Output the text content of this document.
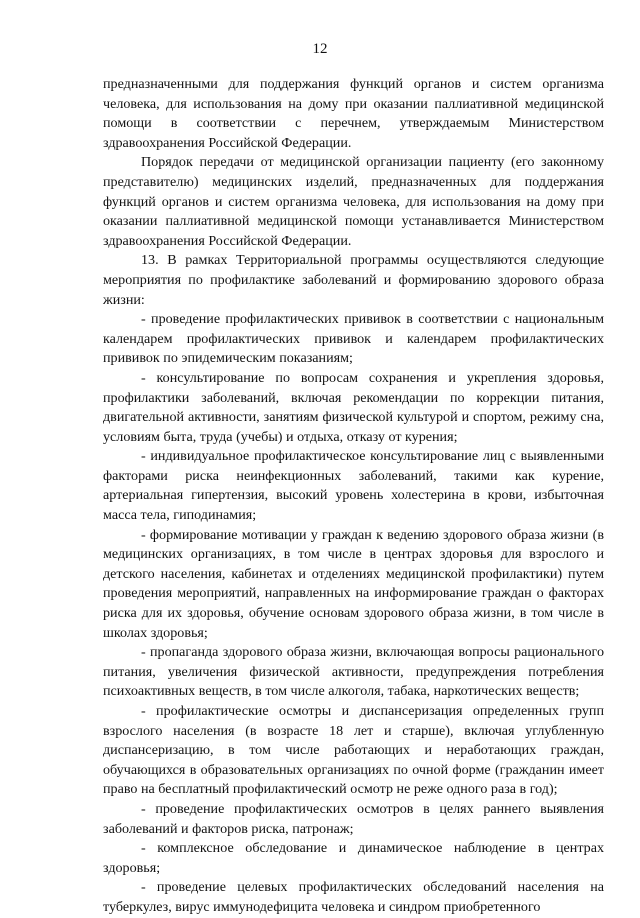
12

предназначенными для поддержания функций органов и систем организма человека, для использования на дому при оказании паллиативной медицинской помощи в соответствии с перечнем, утверждаемым Министерством здравоохранения Российской Федерации.

Порядок передачи от медицинской организации пациенту (его законному представителю) медицинских изделий, предназначенных для поддержания функций органов и систем организма человека, для использования на дому при оказании паллиативной медицинской помощи устанавливается Министерством здравоохранения Российской Федерации.

13. В рамках Территориальной программы осуществляются следующие мероприятия по профилактике заболеваний и формированию здорового образа жизни:

- проведение профилактических прививок в соответствии с национальным календарем профилактических прививок и календарем профилактических прививок по эпидемическим показаниям;

- консультирование по вопросам сохранения и укрепления здоровья, профилактики заболеваний, включая рекомендации по коррекции питания, двигательной активности, занятиям физической культурой и спортом, режиму сна, условиям быта, труда (учебы) и отдыха, отказу от курения;

- индивидуальное профилактическое консультирование лиц с выявленными факторами риска неинфекционных заболеваний, такими как курение, артериальная гипертензия, высокий уровень холестерина в крови, избыточная масса тела, гиподинамия;

- формирование мотивации у граждан к ведению здорового образа жизни (в медицинских организациях, в том числе в центрах здоровья для взрослого и детского населения, кабинетах и отделениях медицинской профилактики) путем проведения мероприятий, направленных на информирование граждан о факторах риска для их здоровья, обучение основам здорового образа жизни, в том числе в школах здоровья;

- пропаганда здорового образа жизни, включающая вопросы рационального питания, увеличения физической активности, предупреждения потребления психоактивных веществ, в том числе алкоголя, табака, наркотических веществ;

- профилактические осмотры и диспансеризация определенных групп взрослого населения (в возрасте 18 лет и старше), включая углубленную диспансеризацию, в том числе работающих и неработающих граждан, обучающихся в образовательных организациях по очной форме (гражданин имеет право на бесплатный профилактический осмотр не реже одного раза в год);

- проведение профилактических осмотров в целях раннего выявления заболеваний и факторов риска, патронаж;

- комплексное обследование и динамическое наблюдение в центрах здоровья;

- проведение целевых профилактических обследований населения на туберкулез, вирус иммунодефицита человека и синдром приобретенного
